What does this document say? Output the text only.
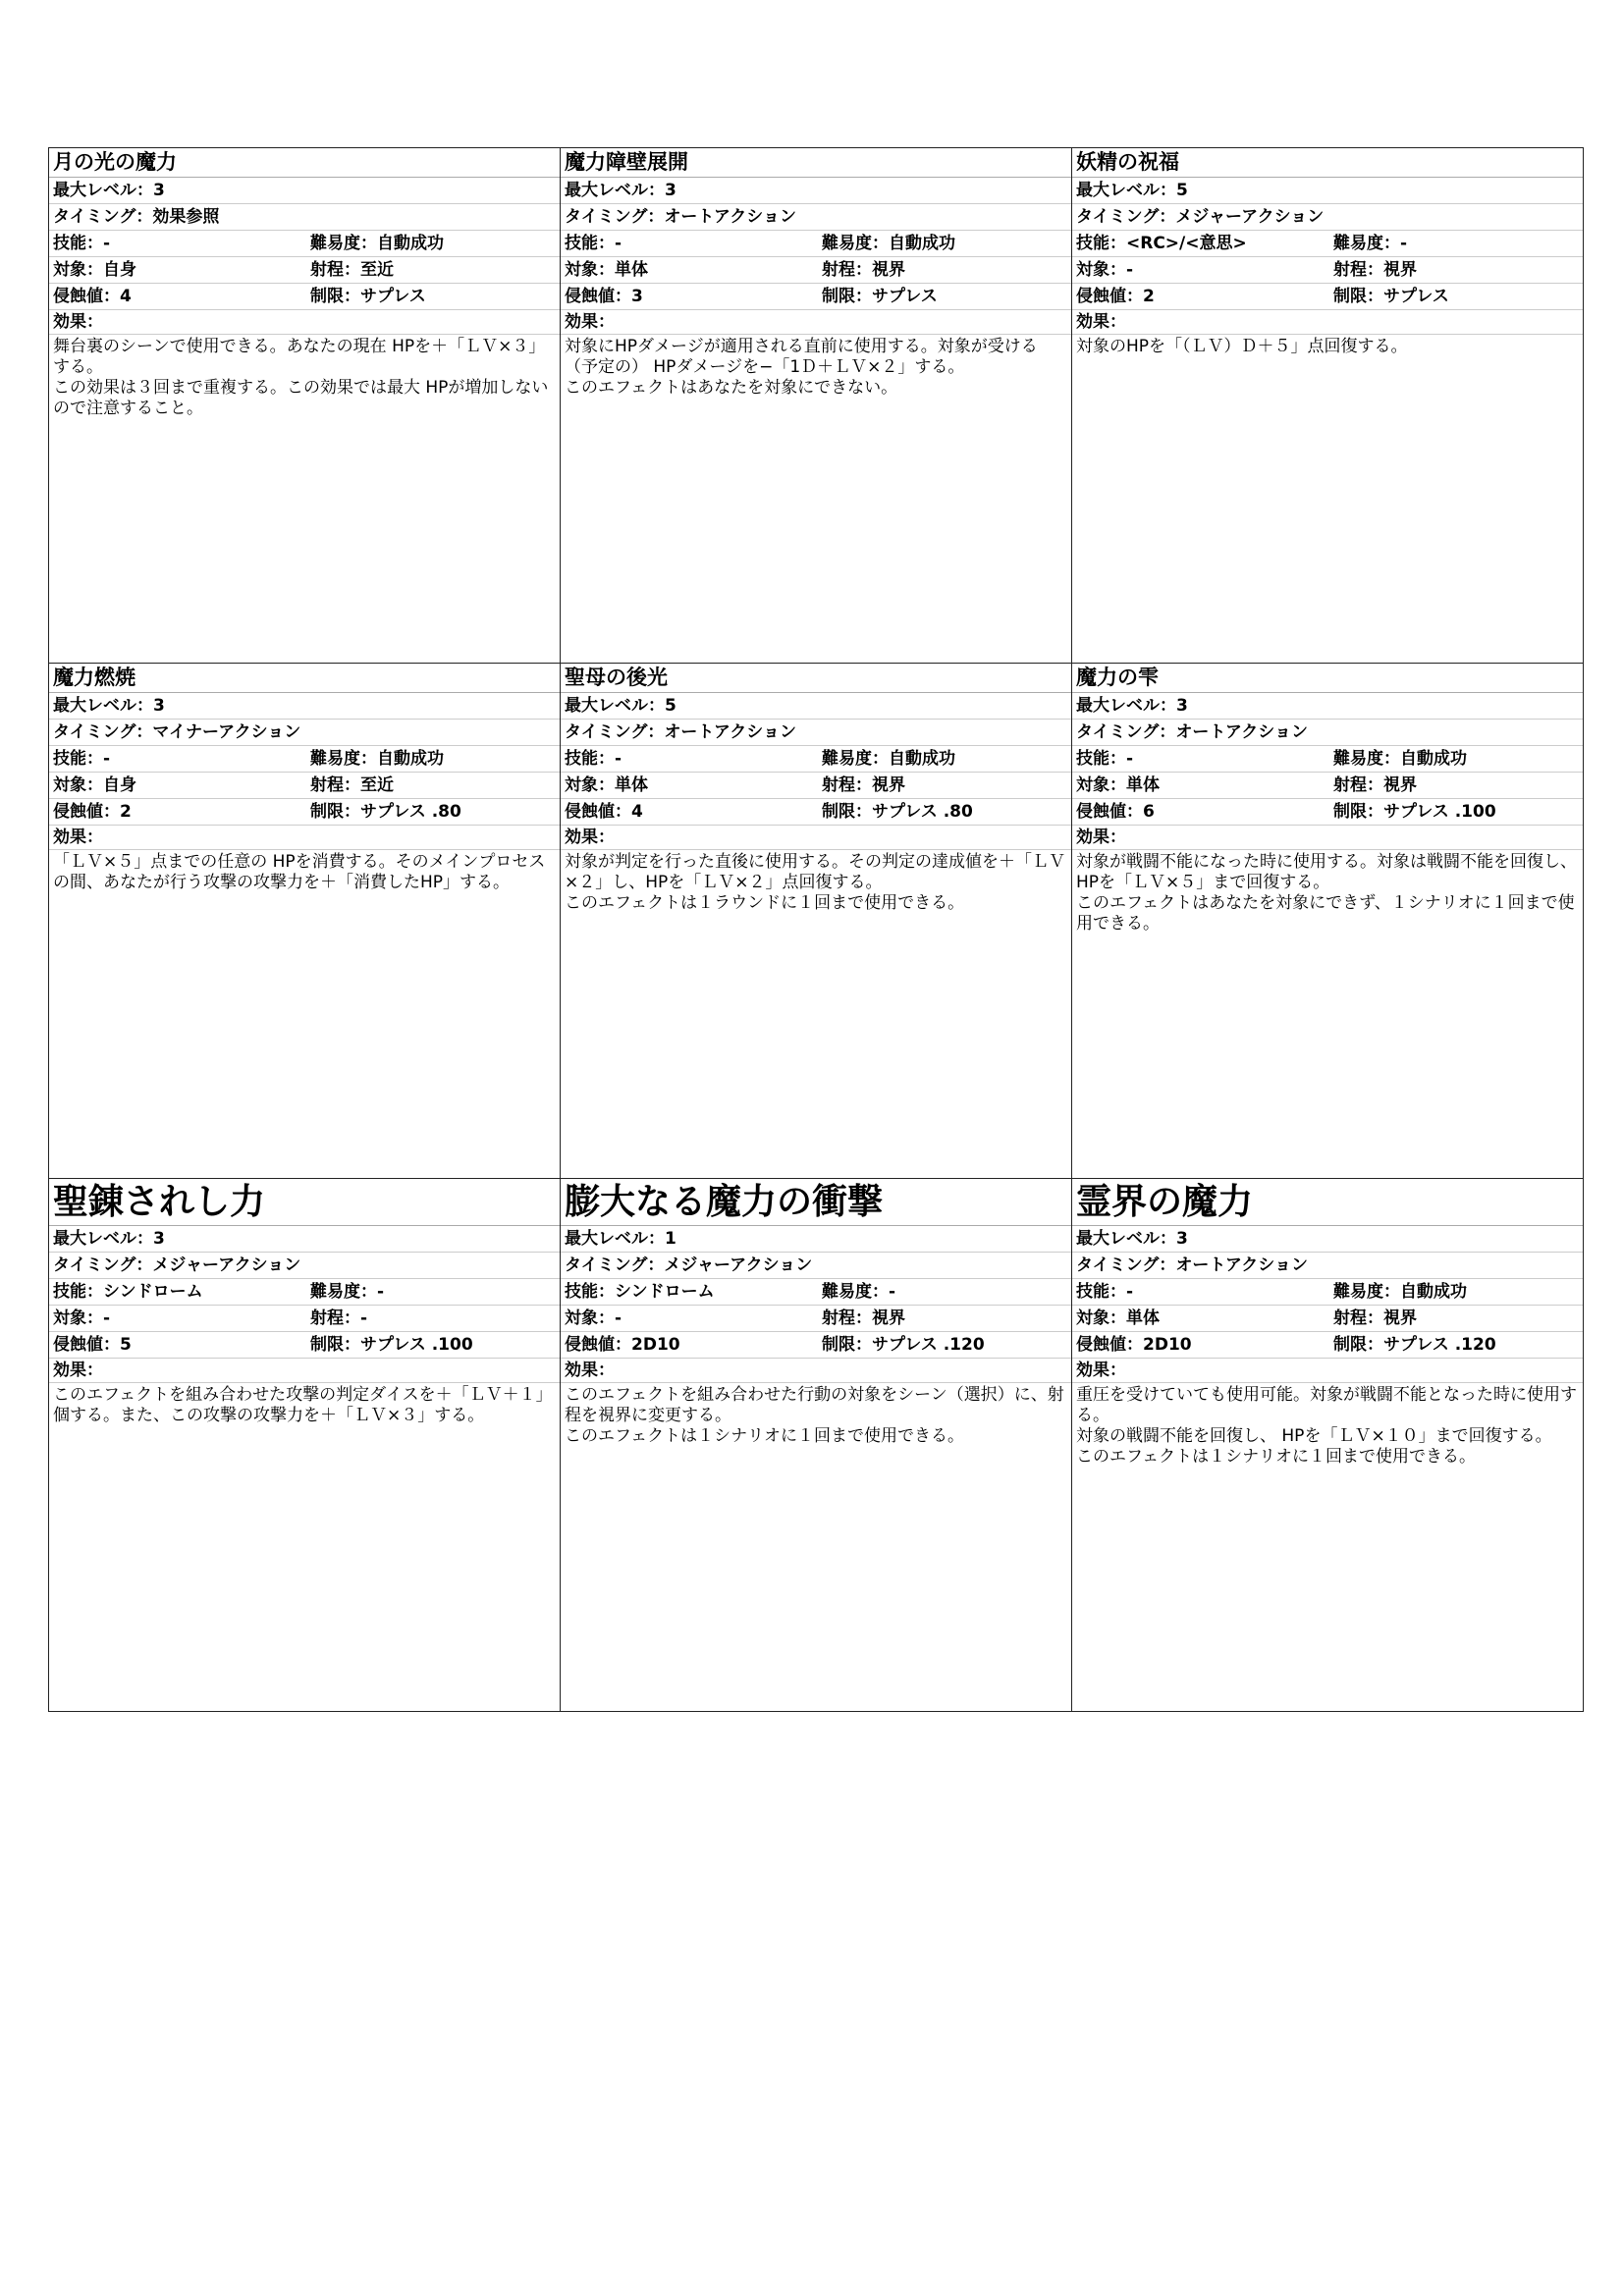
月の光の魔力
最大レベル：3
タイミング：効果参照
技能：-	難易度：自動成功
対象：自身	射程：至近
侵蝕値：4	制限：サプレス
効果：
舞台裏のシーンで使用できる。あなたの現在 HPを＋「ＬＶ×３」する。
この効果は３回まで重複する。この効果では最大 HPが増加しないので注意すること。
魔力障壁展開
最大レベル：3
タイミング：オートアクション
技能：-	難易度：自動成功
対象：単体	射程：視界
侵蝕値：3	制限：サプレス
効果：
対象にHPダメージが適用される直前に使用する。対象が受ける（予定の） HPダメージを−「1Ｄ＋ＬＶ×２」する。
このエフェクトはあなたを対象にできない。
妖精の祝福
最大レベル：5
タイミング：メジャーアクション
技能：<RC>/<意思>	難易度：-
対象：-	射程：視界
侵蝕値：2	制限：サプレス
効果：
対象のHPを「（ＬＶ）Ｄ＋５」点回復する。
魔力燃焼
最大レベル：3
タイミング：マイナーアクション
技能：-	難易度：自動成功
対象：自身	射程：至近
侵蝕値：2	制限：サプレス .80
効果：
「ＬＶ×５」点までの任意の HPを消費する。そのメインプロセスの間、あなたが行う攻撃の攻撃力を＋「消費したHP」する。
聖母の後光
最大レベル：5
タイミング：オートアクション
技能：-	難易度：自動成功
対象：単体	射程：視界
侵蝕値：4	制限：サプレス .80
効果：
対象が判定を行った直後に使用する。その判定の達成値を＋「ＬＶ×２」し、HPを「ＬＶ×２」点回復する。
このエフェクトは１ラウンドに１回まで使用できる。
魔力の雫
最大レベル：3
タイミング：オートアクション
技能：-	難易度：自動成功
対象：単体	射程：視界
侵蝕値：6	制限：サプレス .100
効果：
対象が戦闘不能になった時に使用する。対象は戦闘不能を回復し、HPを「ＬＶ×５」まで回復する。
このエフェクトはあなたを対象にできず、１シナリオに１回まで使用できる。
聖錬されし力
最大レベル：3
タイミング：メジャーアクション
技能：シンドローム	難易度：-
対象：-	射程：-
侵蝕値：5	制限：サプレス .100
効果：
このエフェクトを組み合わせた攻撃の判定ダイスを＋「ＬＶ＋１」個する。また、この攻撃の攻撃力を＋「ＬＶ×３」する。
膨大なる魔力の衝撃
最大レベル：1
タイミング：メジャーアクション
技能：シンドローム	難易度：-
対象：-	射程：視界
侵蝕値：2D10	制限：サプレス .120
効果：
このエフェクトを組み合わせた行動の対象をシーン（選択）に、射程を視界に変更する。
このエフェクトは１シナリオに１回まで使用できる。
霊界の魔力
最大レベル：3
タイミング：オートアクション
技能：-	難易度：自動成功
対象：単体	射程：視界
侵蝕値：2D10	制限：サプレス .120
効果：
重圧を受けていても使用可能。対象が戦闘不能となった時に使用する。
対象の戦闘不能を回復し、 HPを「ＬＶ×１０」まで回復する。
このエフェクトは１シナリオに１回まで使用できる。
